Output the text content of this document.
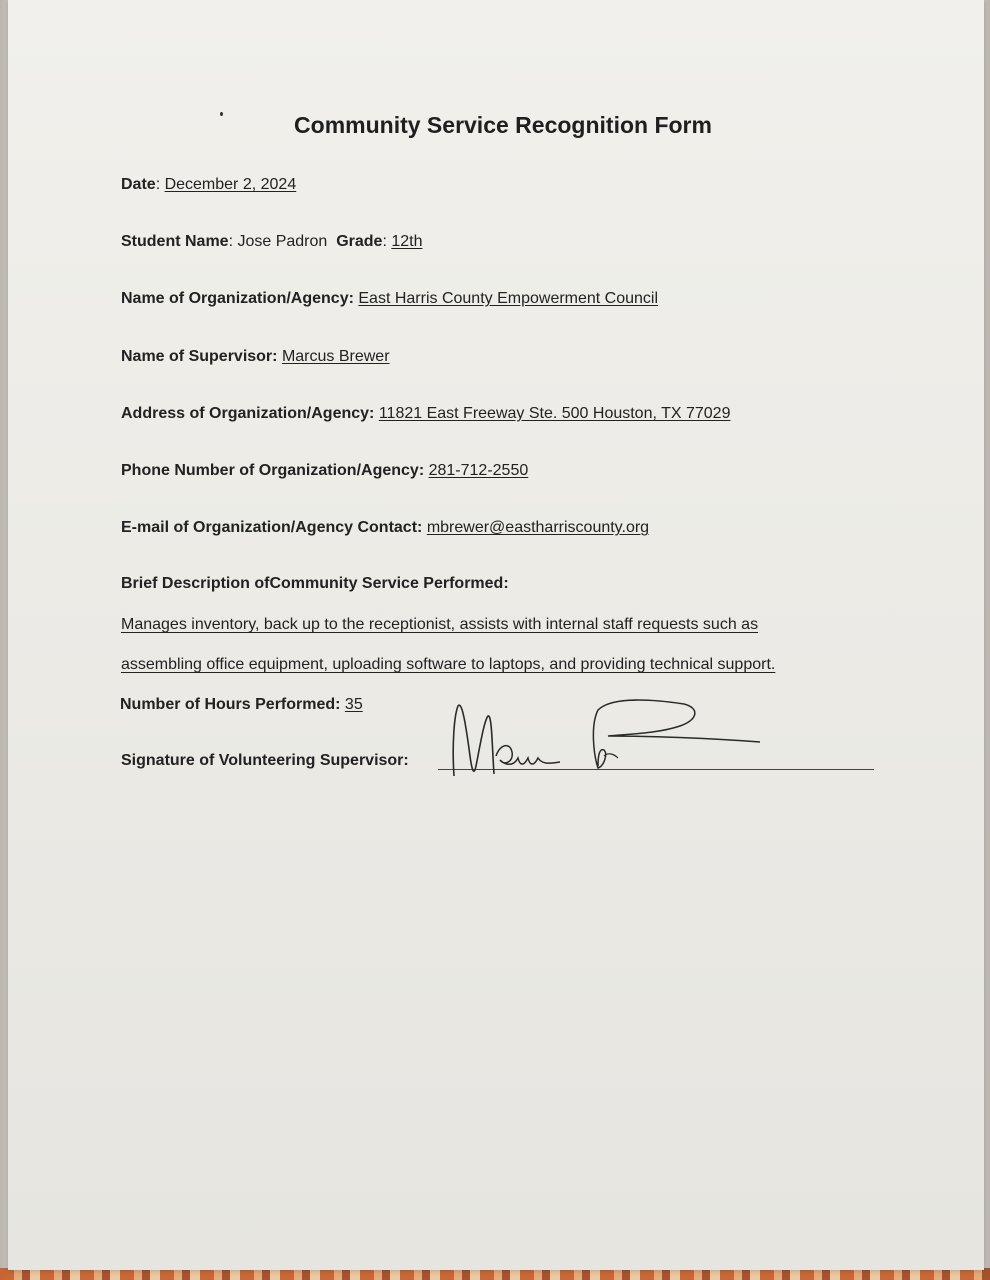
Community Service Recognition Form
Date: December 2, 2024
Student Name: Jose Padron Grade: 12th
Name of Organization/Agency: East Harris County Empowerment Council
Name of Supervisor: Marcus Brewer
Address of Organization/Agency: 11821 East Freeway Ste. 500 Houston, TX 77029
Phone Number of Organization/Agency: 281-712-2550
E-mail of Organization/Agency Contact: mbrewer@eastharriscounty.org
Brief Description ofCommunity Service Performed:
Manages inventory, back up to the receptionist, assists with internal staff requests such as
assembling office equipment, uploading software to laptops, and providing technical support.
Number of Hours Performed: 35
Signature of Volunteering Supervisor:
